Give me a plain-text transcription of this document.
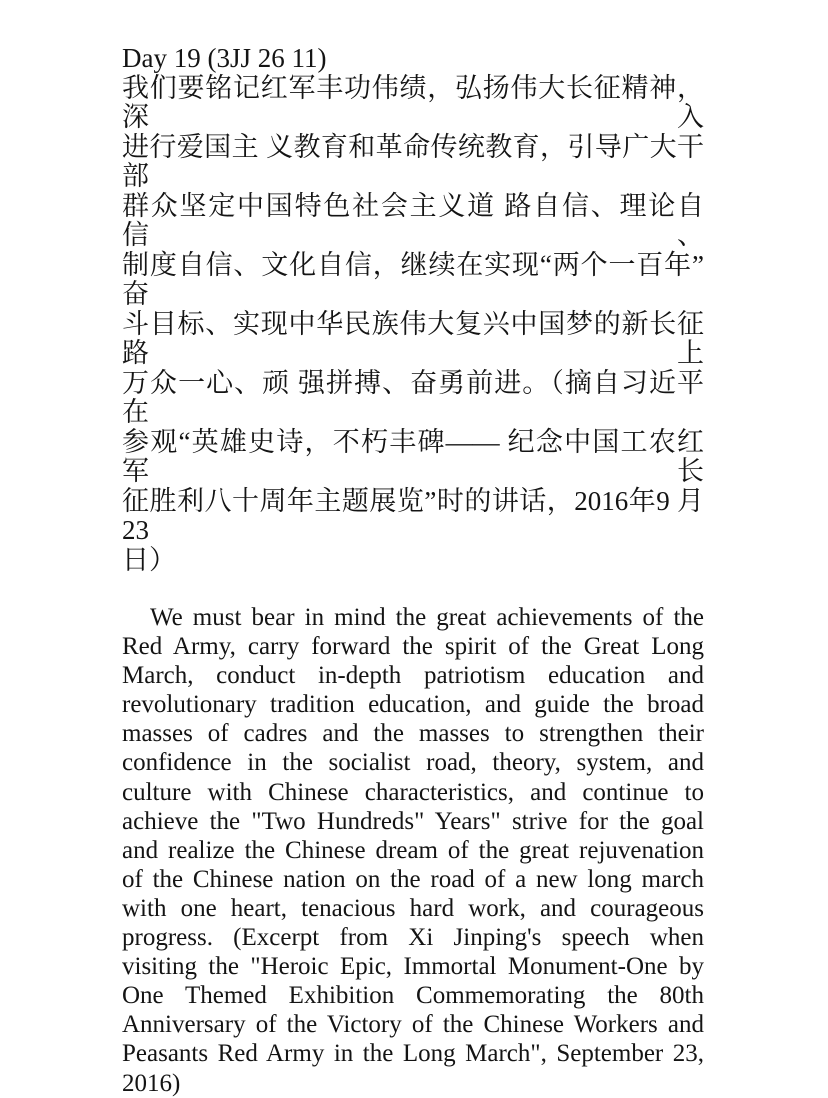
Day 19 (3JJ 26 11)
我们要铭记红军丰功伟绩，弘扬伟大长征精神，深入
进行爱国主 义教育和革命传统教育，引导广大干部
群众坚定中国特色社会主义道 路自信、理论自信、
制度自信、文化自信，继续在实现“两个一百年” 奋
斗目标、实现中华民族伟大复兴中国梦的新长征路上
万众一心、顽 强拼搏、奋勇前进。（摘自习近平在
参观“英雄史诗，不朽丰碑—— 纪念中国工农红军长
征胜利八十周年主题展览”时的讲话，2016年9 月23
日）
We must bear in mind the great achievements of the
Red Army, carry forward the spirit of the Great Long
March, conduct in-depth patriotism education and
revolutionary tradition education, and guide the broad
masses of cadres and the masses to strengthen their
confidence in the socialist road, theory, system, and
culture with Chinese characteristics, and continue to
achieve the "Two Hundreds" Years" strive for the goal
and realize the Chinese dream of the great rejuvenation
of the Chinese nation on the road of a new long march
with one heart, tenacious hard work, and courageous
progress. (Excerpt from Xi Jinping's speech when
visiting the "Heroic Epic, Immortal Monument-One by
One Themed Exhibition Commemorating the 80th
Anniversary of the Victory of the Chinese Workers and
Peasants Red Army in the Long March", September 23,
2016)
